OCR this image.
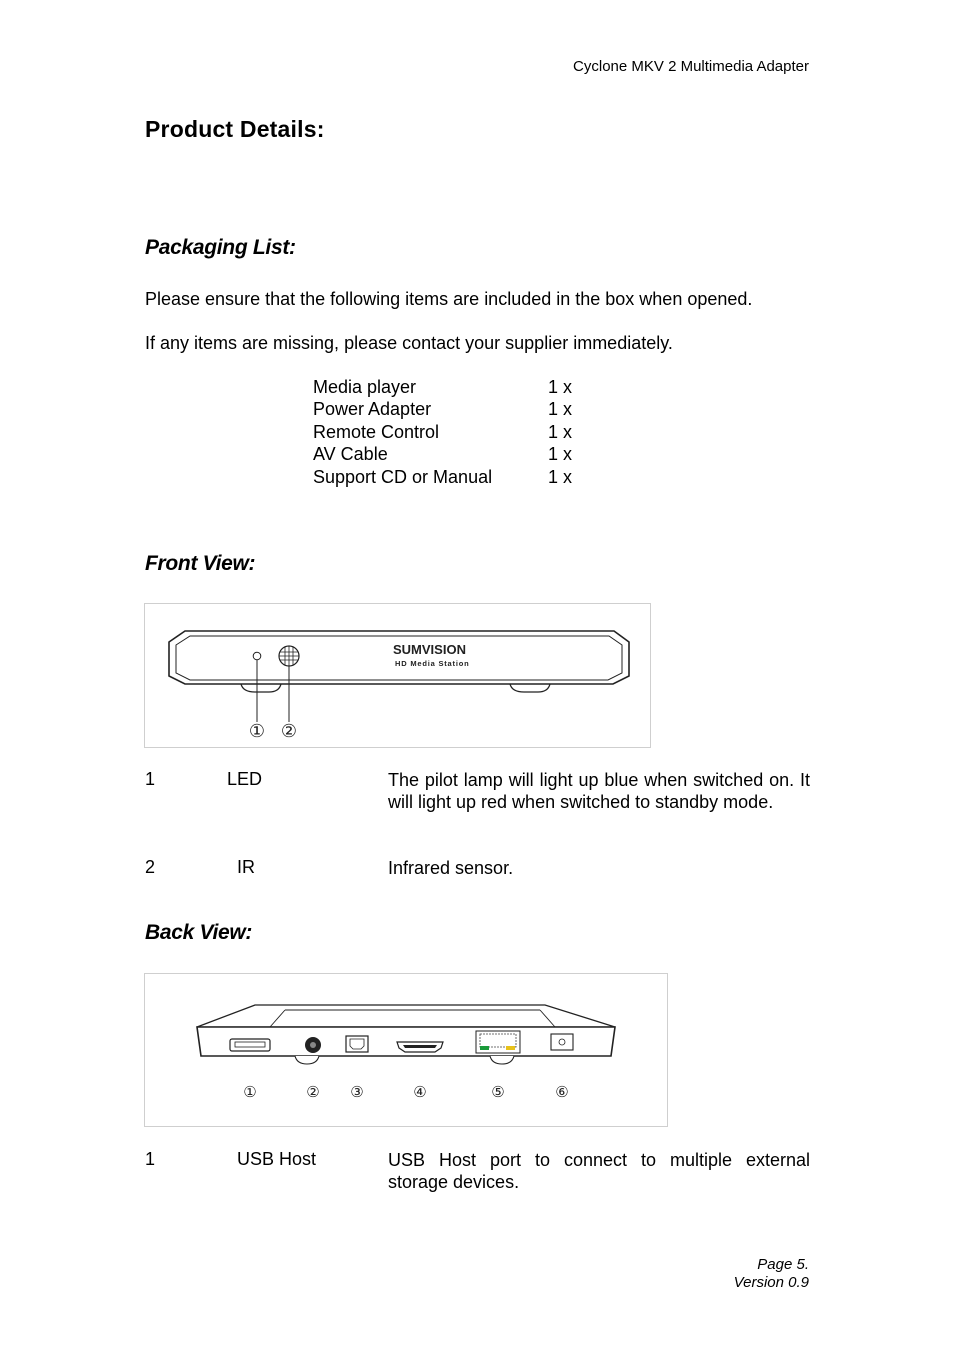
Cyclone MKV 2 Multimedia Adapter
Product Details:
Packaging List:
Please ensure that the following items are included in the box when opened.
If any items are missing, please contact your supplier immediately.
Media player	1 x
Power Adapter	1 x
Remote Control	1 x
AV Cable	1 x
Support CD or Manual	1 x
Front View:
SUMVISION
HD Media Station
① ②
1	LED	The pilot lamp will light up blue when switched on. It will light up red when switched to standby mode.
2	IR	Infrared sensor.
Back View:
①	② ③	④	⑤	⑥
1	USB Host	USB Host port to connect to multiple external storage devices.
Page 5.
Version 0.9
